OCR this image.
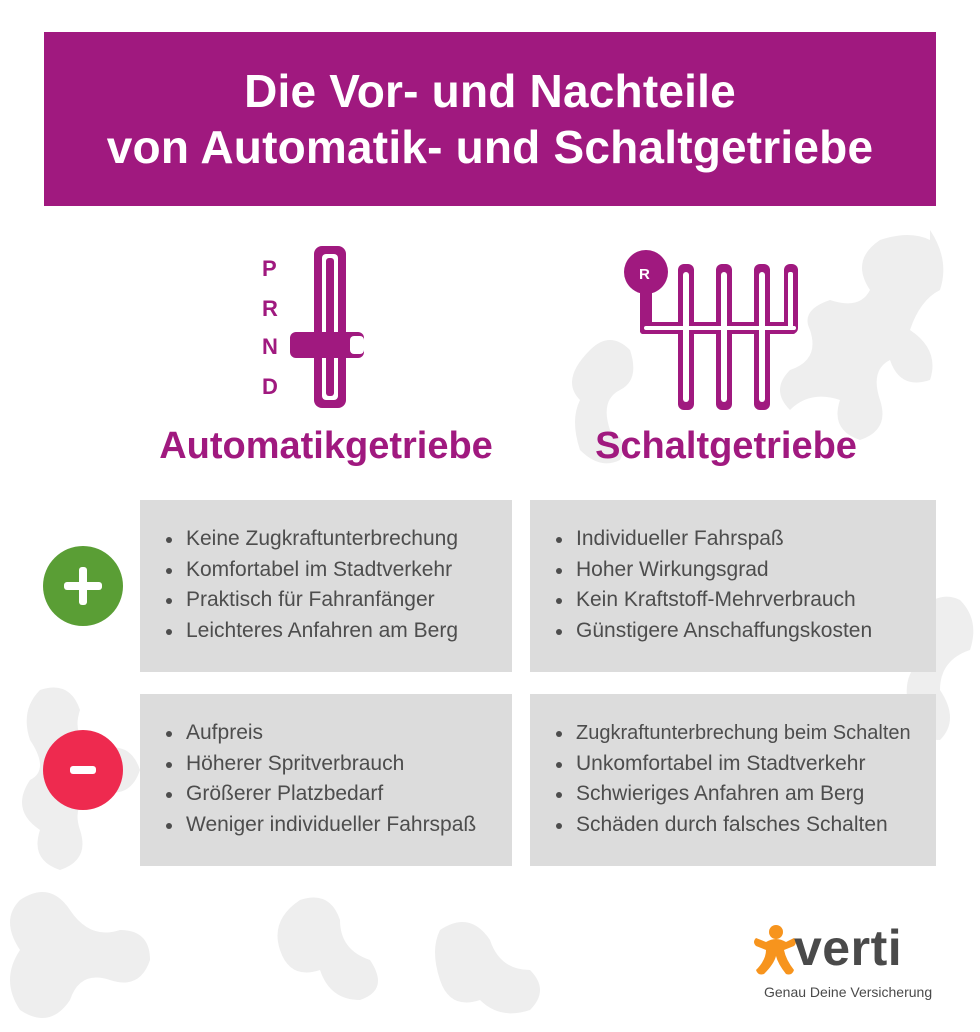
Die Vor- und Nachteile
von Automatik- und Schaltgetriebe
P
R
N
D
R
Automatikgetriebe	Schaltgetriebe
Keine Zugkraftunterbrechung
Komfortabel im Stadtverkehr
Praktisch für Fahranfänger
Leichteres Anfahren am Berg
Individueller Fahrspaß
Hoher Wirkungsgrad
Kein Kraftstoff-Mehrverbrauch
Günstigere Anschaffungskosten
Aufpreis
Höherer Spritverbrauch
Größerer Platzbedarf
Weniger individueller Fahrspaß
Zugkraftunterbrechung beim Schalten
Unkomfortabel im Stadtverkehr
Schwieriges Anfahren am Berg
Schäden durch falsches Schalten
verti
Genau Deine Versicherung
